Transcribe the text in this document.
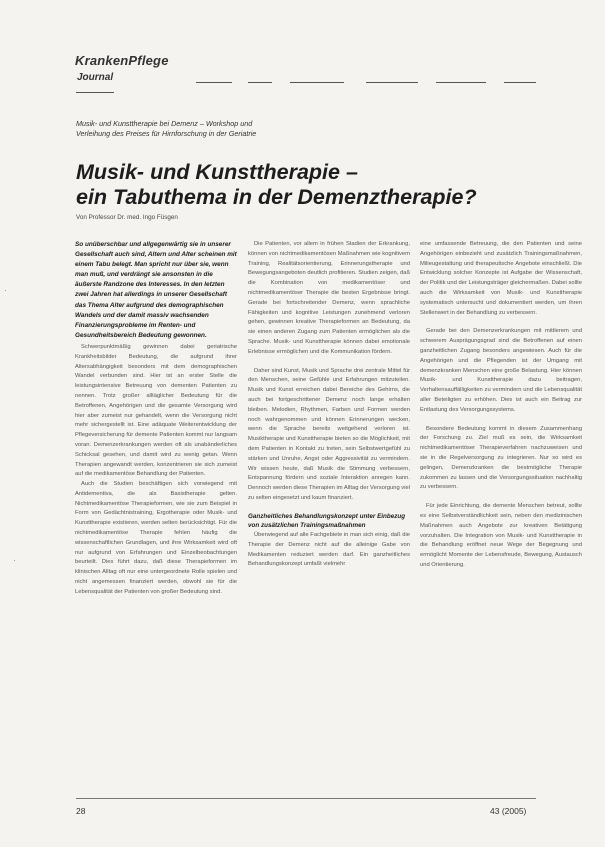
KrankenPflege
Journal
Musik- und Kunsttherapie bei Demenz – Workshop und
Verleihung des Preises für Hirnforschung in der Geriatrie
Musik- und Kunsttherapie –
ein Tabuthema in der Demenztherapie?
Von Professor Dr. med. Ingo Füsgen
So unüberschbar und allgegenwärtig sie in unserer Gesellschaft auch sind, Altern und Alter scheinen mit einem Tabu belegt. Man spricht nur über sie, wenn man muß, und verdrängt sie ansonsten in die äußerste Randzone des Interesses. In den letzten zwei Jahren hat allerdings in unserer Gesellschaft das Thema Alter aufgrund des demographischen Wandels und der damit massiv wachsenden Finanzierungsprobleme im Renten- und Gesundheitsbereich Bedeutung gewonnen.
Schwerpunktmäßig gewinnen dabei geriatrische Krankheitsbilder Bedeutung, die aufgrund ihrer Altersabhängigkeit besonders mit dem demographischen Wandel verbunden sind. Hier ist an erster Stelle die leistungsintensive Betreuung von dementen Patienten zu nennen. Trotz großer alltäglicher Bedeutung für die Betroffenen, Angehörigen und die gesamte Versorgung wird hier aber zumeist nur gehandelt, wenn die Versorgung nicht mehr sichergestellt ist. Eine adäquate Weiterentwicklung der Pflegeversicherung für demente Patienten kommt nur langsam voran. Demenzerkrankungen werden oft als unabänderliches Schicksal gesehen, und damit wird zu wenig getan. Wenn Therapien angewandt werden, konzentrieren sie sich zumeist auf die medikamentöse Behandlung der Patienten.
Auch die Studien beschäftigen sich vorwiegend mit Antidementiva, die als Basistherapie gelten. Nichtmedikamentöse Therapieformen, wie sie zum Beispiel in Form von Gedächtnistraining, Ergotherapie oder Musik- und Kunsttherapie existieren, werden selten berücksichtigt. Für die nichtmedikamentöse Therapie fehlen häufig die wissenschaftlichen Grundlagen, und ihre Wirksamkeit wird oft nur aufgrund von Erfahrungen und Einzelbeobachtungen beurteilt. Dies führt dazu, daß diese Therapieformen im klinischen Alltag oft nur eine untergeordnete Rolle spielen und nicht angemessen finanziert werden, obwohl sie für die Lebensqualität der Patienten von großer Bedeutung sind.
Die Patienten, vor allem in frühen Stadien der Erkrankung, können von nichtmedikamentösen Maßnahmen wie kognitivem Training, Realitätsorientierung, Erinnerungstherapie und Bewegungsangeboten deutlich profitieren. Studien zeigen, daß die Kombination von medikamentöser und nichtmedikamentöser Therapie die besten Ergebnisse bringt. Gerade bei fortschreitender Demenz, wenn sprachliche Fähigkeiten und kognitive Leistungen zunehmend verloren gehen, gewinnen kreative Therapieformen an Bedeutung, da sie einen anderen Zugang zum Patienten ermöglichen als die Sprache. Musik- und Kunsttherapie können dabei emotionale Erlebnisse ermöglichen und die Kommunikation fördern.
Daher sind Kunst, Musik und Sprache drei zentrale Mittel für den Menschen, seine Gefühle und Erfahrungen mitzuteilen. Musik und Kunst erreichen dabei Bereiche des Gehirns, die auch bei fortgeschrittener Demenz noch lange erhalten bleiben. Melodien, Rhythmen, Farben und Formen werden noch wahrgenommen und können Erinnerungen wecken, wenn die Sprache bereits weitgehend verloren ist. Musiktherapie und Kunsttherapie bieten so die Möglichkeit, mit dem Patienten in Kontakt zu treten, sein Selbstwertgefühl zu stärken und Unruhe, Angst oder Aggressivität zu vermindern. Wir wissen heute, daß Musik die Stimmung verbessern, Entspannung fördern und soziale Interaktion anregen kann. Dennoch werden diese Therapien im Alltag der Versorgung viel zu selten eingesetzt und kaum finanziert.
Ganzheitliches Behandlungskonzept unter Einbezug von zusätzlichen Trainingsmaßnahmen
Überwiegend auf alle Fachgebiete in man sich einig, daß die Therapie der Demenz nicht auf die alleinige Gabe von Medikamenten reduziert werden darf. Ein ganzheitliches Behandlungskonzept umfaßt vielmehr
eine umfassende Betreuung, die den Patienten und seine Angehörigen einbezieht und zusätzlich Trainingsmaßnahmen, Milieugestaltung und therapeutische Angebote einschließt. Die Entwicklung solcher Konzepte ist Aufgabe der Wissenschaft, der Politik und der Leistungsträger gleichermaßen. Dabei sollte auch die Wirksamkeit von Musik- und Kunsttherapie systematisch untersucht und dokumentiert werden, um ihren Stellenwert in der Behandlung zu verbessern.
Gerade bei den Demenzerkrankungen mit mittlerem und schwerem Ausprägungsgrad sind die Betroffenen auf einen ganzheitlichen Zugang besonders angewiesen. Auch für die Angehörigen und die Pflegenden ist der Umgang mit demenzkranken Menschen eine große Belastung. Hier können Musik- und Kunsttherapie dazu beitragen, Verhaltensauffälligkeiten zu vermindern und die Lebensqualität aller Beteiligten zu erhöhen. Dies ist auch ein Beitrag zur Entlastung des Versorgungssystems.
Besondere Bedeutung kommt in diesem Zusammenhang der Forschung zu. Ziel muß es sein, die Wirksamkeit nichtmedikamentöser Therapieverfahren nachzuweisen und sie in die Regelversorgung zu integrieren. Nur so wird es gelingen, Demenzkranken die bestmögliche Therapie zukommen zu lassen und die Versorgungssituation nachhaltig zu verbessern.
Für jede Einrichtung, die demente Menschen betreut, sollte es eine Selbstverständlichkeit sein, neben den medizinischen Maßnahmen auch Angebote zur kreativen Betätigung vorzuhalten. Die Integration von Musik- und Kunsttherapie in die Behandlung eröffnet neue Wege der Begegnung und ermöglicht Momente der Lebensfreude, Bewegung, Austausch und Orientierung.
28	43 (2005)
